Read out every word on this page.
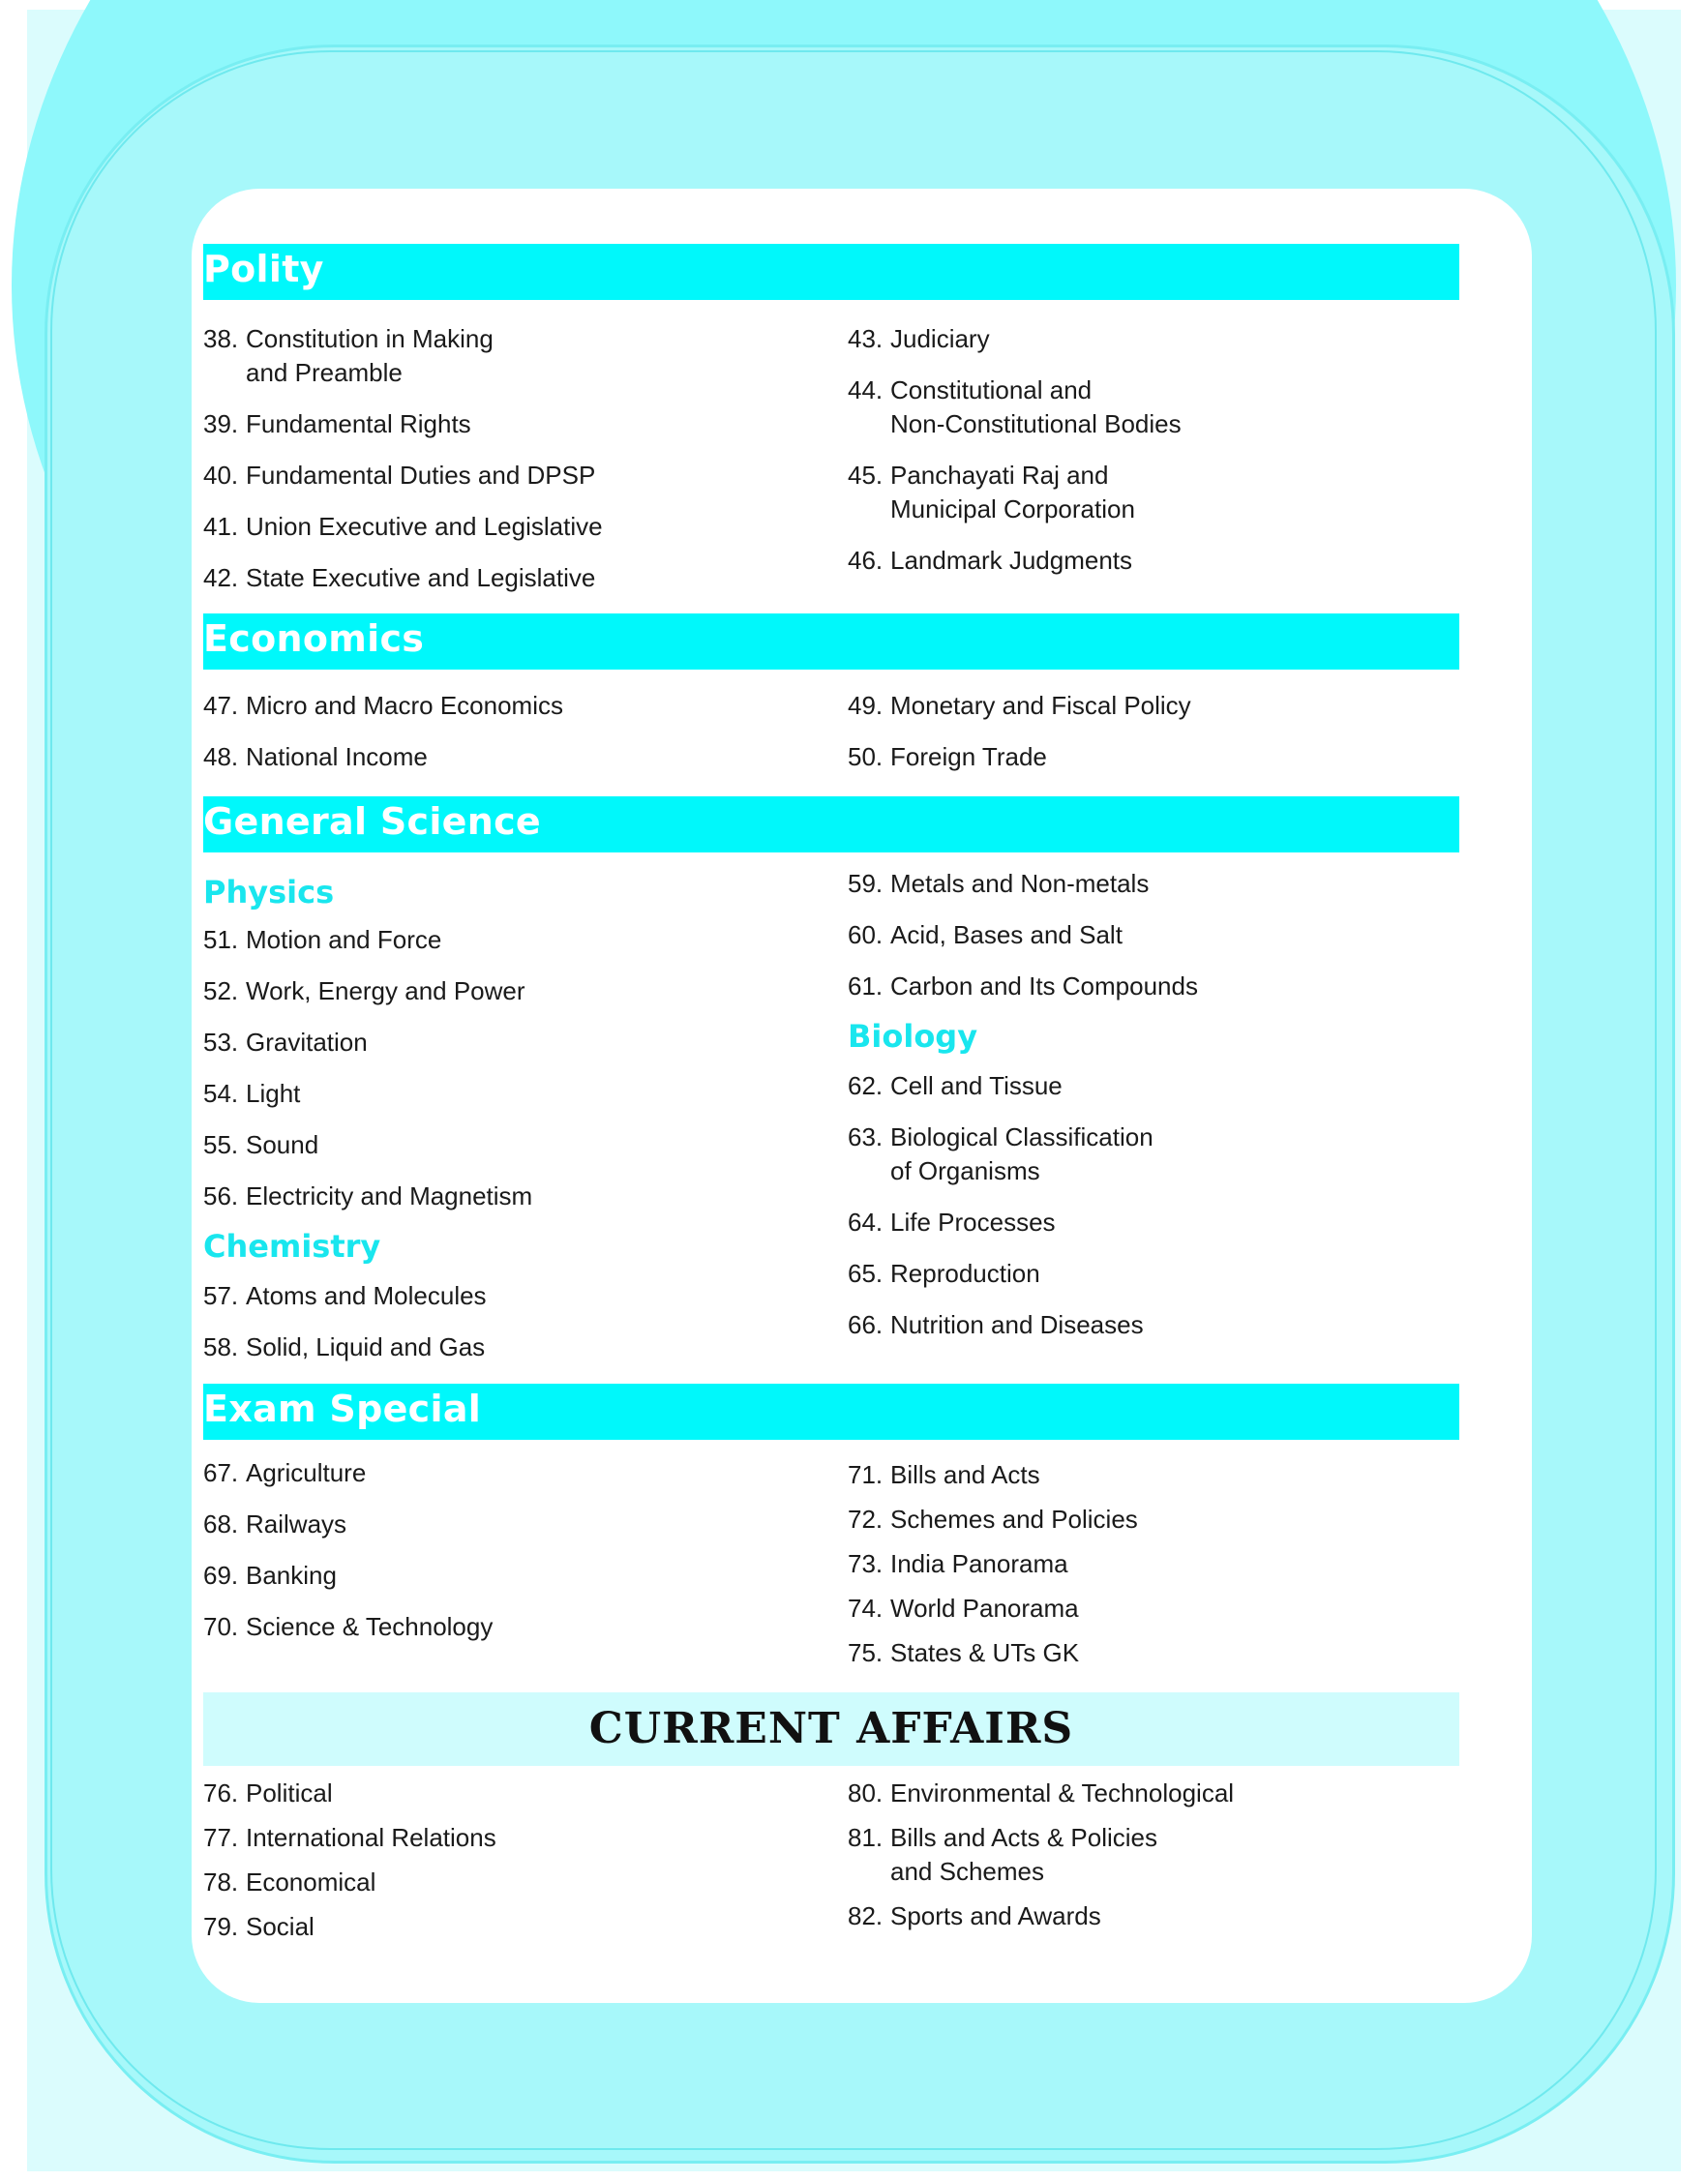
Polity
38. Constitution in Making
and Preamble
39. Fundamental Rights
40. Fundamental Duties and DPSP
41. Union Executive and Legislative
42. State Executive and Legislative
43. Judiciary
44. Constitutional and
Non-Constitutional Bodies
45. Panchayati Raj and
Municipal Corporation
46. Landmark Judgments
Economics
47. Micro and Macro Economics
48. National Income
49. Monetary and Fiscal Policy
50. Foreign Trade
General Science
Physics
51. Motion and Force
52. Work, Energy and Power
53. Gravitation
54. Light
55. Sound
56. Electricity and Magnetism
Chemistry
57. Atoms and Molecules
58. Solid, Liquid and Gas
59. Metals and Non-metals
60. Acid, Bases and Salt
61. Carbon and Its Compounds
Biology
62. Cell and Tissue
63. Biological Classification
of Organisms
64. Life Processes
65. Reproduction
66. Nutrition and Diseases
Exam Special
67. Agriculture
68. Railways
69. Banking
70. Science & Technology
71. Bills and Acts
72. Schemes and Policies
73. India Panorama
74. World Panorama
75. States & UTs GK
CURRENT AFFAIRS
76. Political
77. International Relations
78. Economical
79. Social
80. Environmental & Technological
81. Bills and Acts & Policies
and Schemes
82. Sports and Awards
